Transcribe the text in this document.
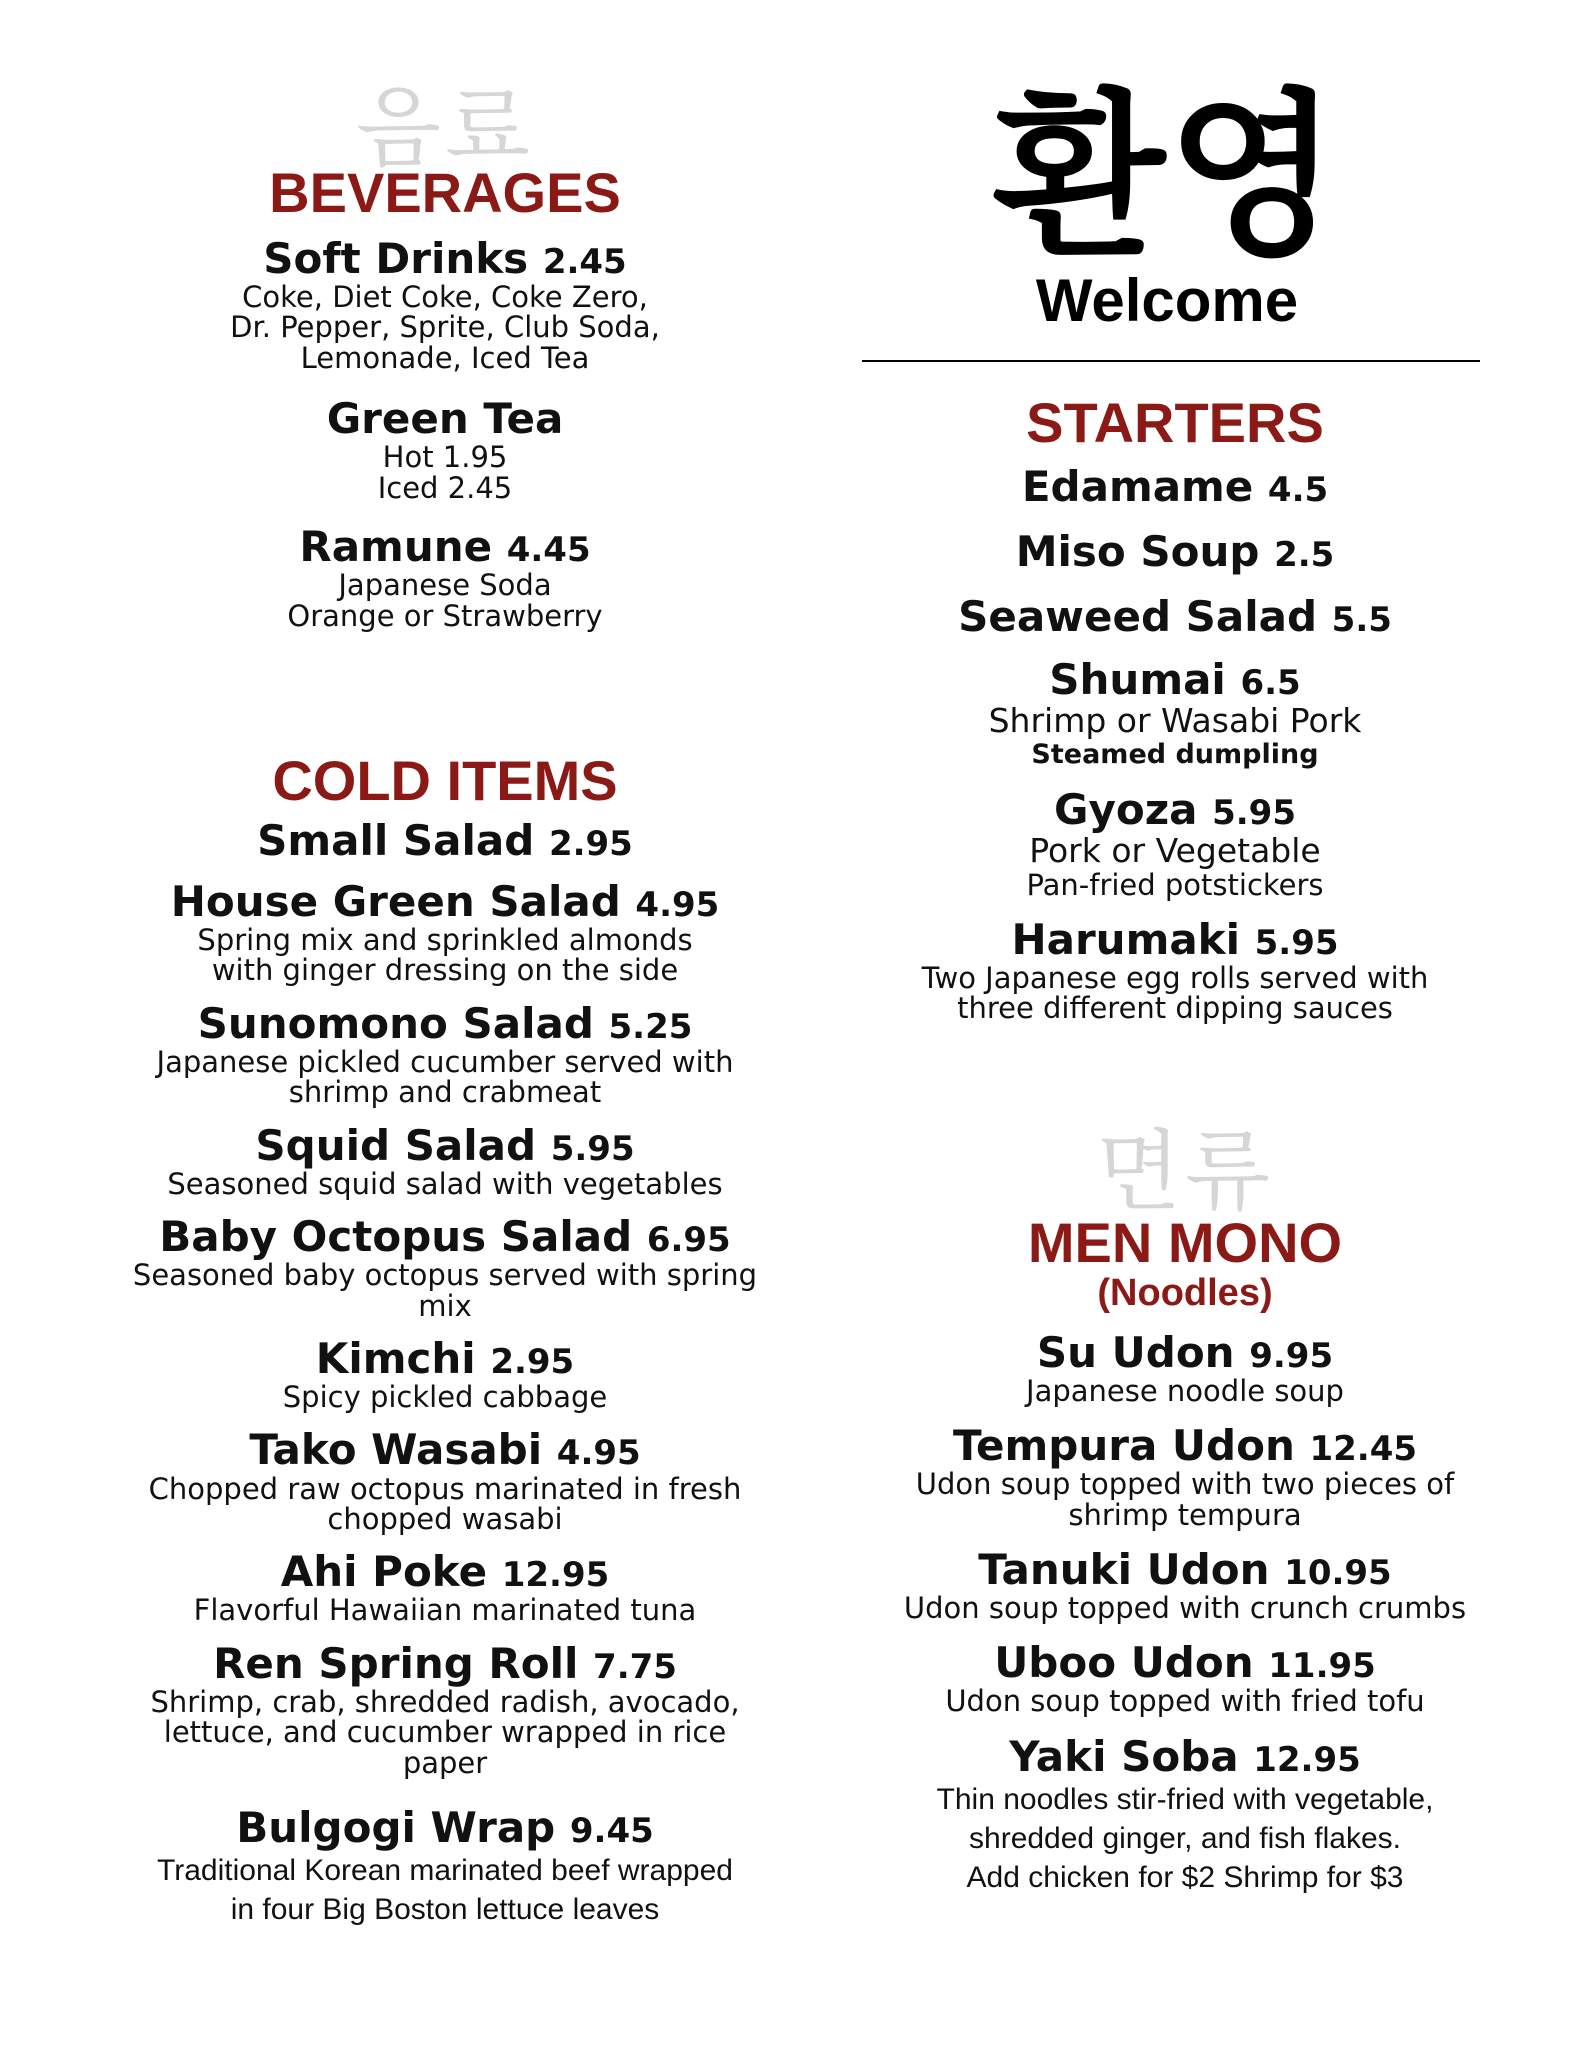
음료
BEVERAGES
Soft Drinks 2.45
Coke, Diet Coke, Coke Zero,
Dr. Pepper, Sprite, Club Soda,
Lemonade, Iced Tea
Green Tea
Hot 1.95
Iced 2.45
Ramune 4.45
Japanese Soda
Orange or Strawberry
COLD ITEMS
Small Salad 2.95
House Green Salad 4.95
Spring mix and sprinkled almonds
with ginger dressing on the side
Sunomono Salad 5.25
Japanese pickled cucumber served with
shrimp and crabmeat
Squid Salad 5.95
Seasoned squid salad with vegetables
Baby Octopus Salad 6.95
Seasoned baby octopus served with spring
mix
Kimchi 2.95
Spicy pickled cabbage
Tako Wasabi 4.95
Chopped raw octopus marinated in fresh
chopped wasabi
Ahi Poke 12.95
Flavorful Hawaiian marinated tuna
Ren Spring Roll 7.75
Shrimp, crab, shredded radish, avocado,
lettuce, and cucumber wrapped in rice
paper
Bulgogi Wrap 9.45
Traditional Korean marinated beef wrapped
in four Big Boston lettuce leaves
환영
Welcome
STARTERS
Edamame 4.5
Miso Soup 2.5
Seaweed Salad 5.5
Shumai 6.5
Shrimp or Wasabi Pork
Steamed dumpling
Gyoza 5.95
Pork or Vegetable
Pan-fried potstickers
Harumaki 5.95
Two Japanese egg rolls served with
three different dipping sauces
면류
MEN MONO
(Noodles)
Su Udon 9.95
Japanese noodle soup
Tempura Udon 12.45
Udon soup topped with two pieces of
shrimp tempura
Tanuki Udon 10.95
Udon soup topped with crunch crumbs
Uboo Udon 11.95
Udon soup topped with fried tofu
Yaki Soba 12.95
Thin noodles stir-fried with vegetable,
shredded ginger, and fish flakes.
Add chicken for $2 Shrimp for $3
